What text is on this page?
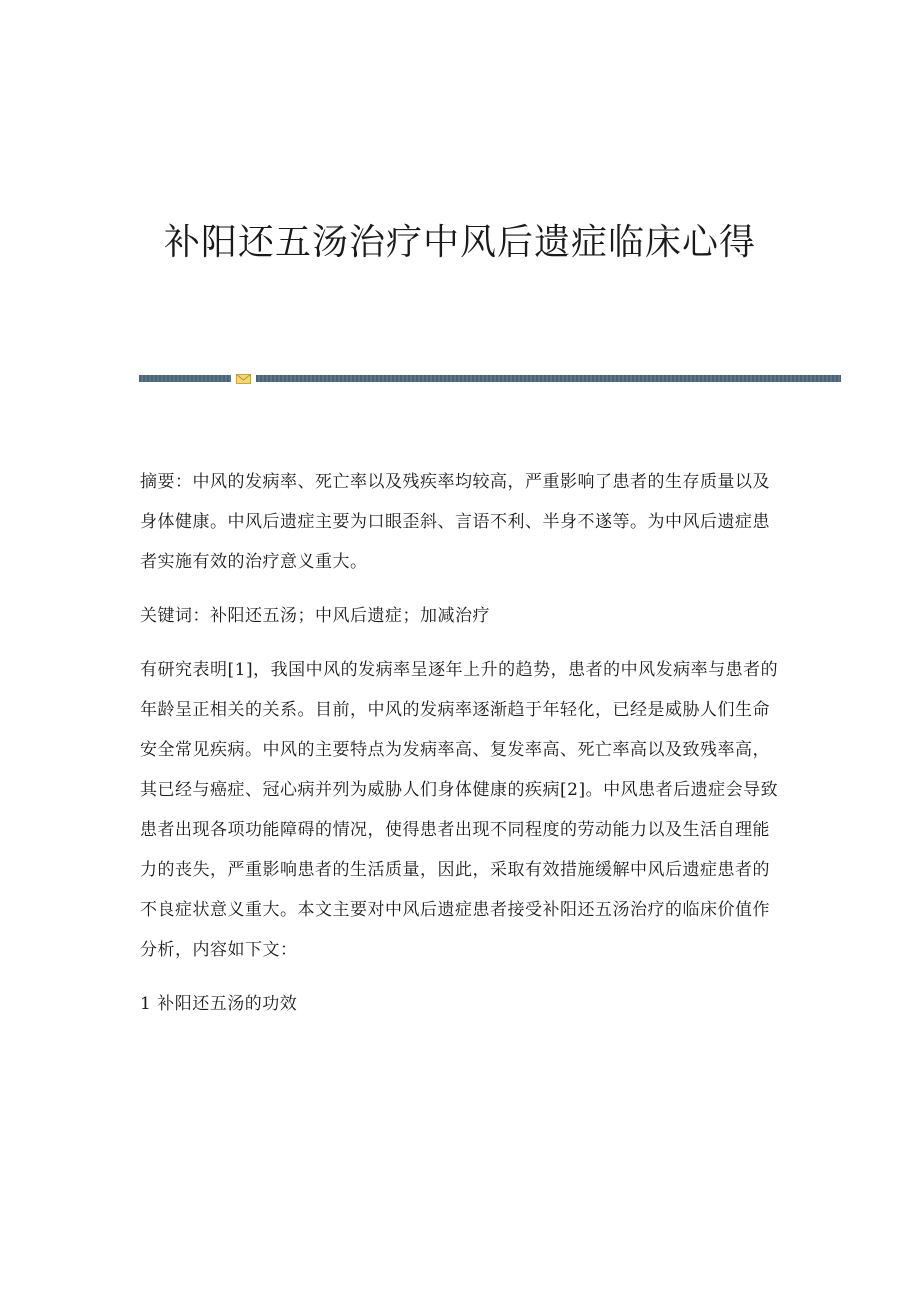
补阳还五汤治疗中风后遗症临床心得

摘要：中风的发病率、死亡率以及残疾率均较高，严重影响了患者的生存质量以及身体健康。中风后遗症主要为口眼歪斜、言语不利、半身不遂等。为中风后遗症患者实施有效的治疗意义重大。

关键词：补阳还五汤；中风后遗症；加减治疗

有研究表明[1]，我国中风的发病率呈逐年上升的趋势，患者的中风发病率与患者的年龄呈正相关的关系。目前，中风的发病率逐渐趋于年轻化，已经是威胁人们生命安全常见疾病。中风的主要特点为发病率高、复发率高、死亡率高以及致残率高，其已经与癌症、冠心病并列为威胁人们身体健康的疾病[2]。中风患者后遗症会导致患者出现各项功能障碍的情况，使得患者出现不同程度的劳动能力以及生活自理能力的丧失，严重影响患者的生活质量，因此，采取有效措施缓解中风后遗症患者的不良症状意义重大。本文主要对中风后遗症患者接受补阳还五汤治疗的临床价值作分析，内容如下文：

1 补阳还五汤的功效
